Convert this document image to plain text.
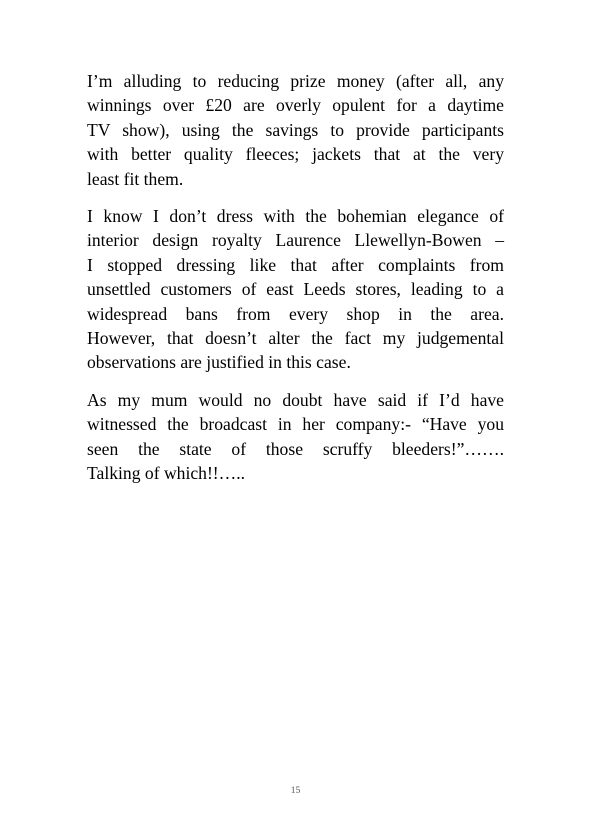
I’m alluding to reducing prize money (after all, any
winnings over £20 are overly opulent for a daytime
TV show), using the savings to provide participants
with better quality fleeces; jackets that at the very
least fit them.

I know I don’t dress with the bohemian elegance of
interior design royalty Laurence Llewellyn-Bowen –
I stopped dressing like that after complaints from
unsettled customers of east Leeds stores, leading to a
widespread bans from every shop in the area.
However, that doesn’t alter the fact my judgemental
observations are justified in this case.

As my mum would no doubt have said if I’d have
witnessed the broadcast in her company:- “Have you
seen the state of those scruffy bleeders!”…….
Talking of which!!…..

15
